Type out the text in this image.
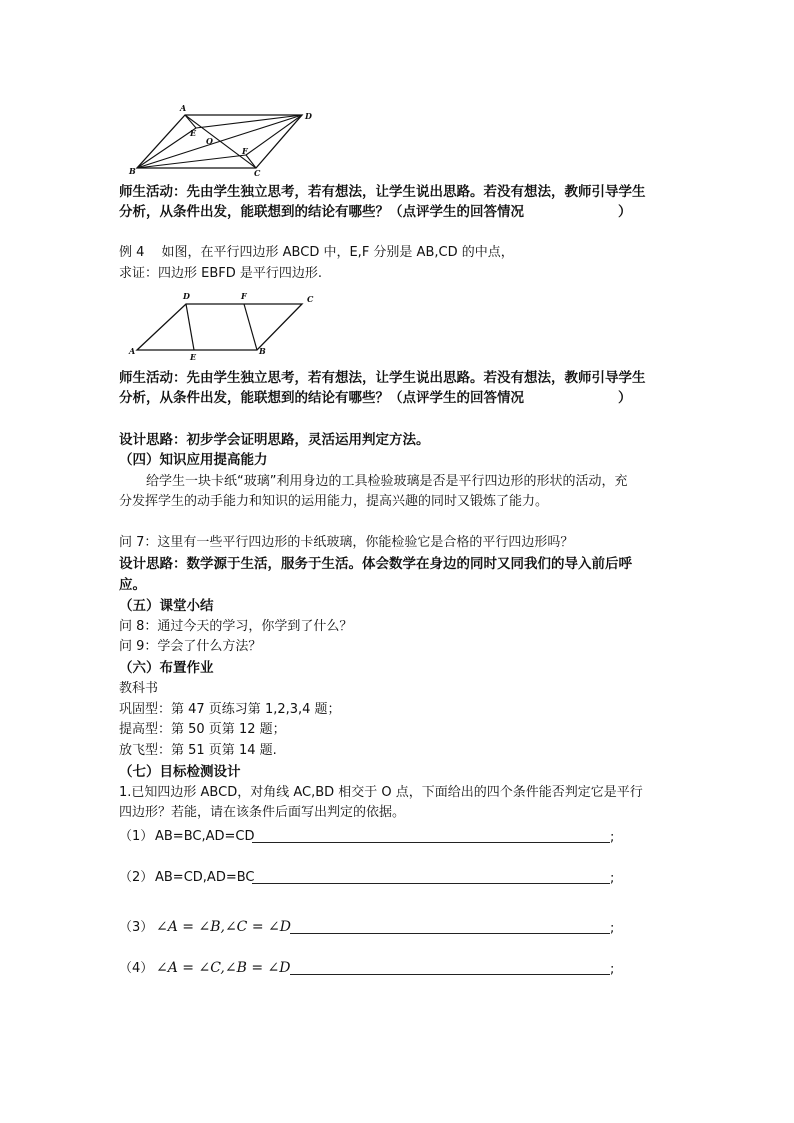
A
D
B	C
E
O
F
师生活动：先由学生独立思考，若有想法，让学生说出思路。若没有想法，教师引导学生
分析，从条件出发，能联想到的结论有哪些？（点评学生的回答情况	）
例 4　 如图，在平行四边形 ABCD 中，E,F 分别是 AB,CD 的中点，
求证：四边形 EBFD 是平行四边形.
D	F	C
A
E
B
师生活动：先由学生独立思考，若有想法，让学生说出思路。若没有想法，教师引导学生
分析，从条件出发，能联想到的结论有哪些？（点评学生的回答情况	）
设计思路：初步学会证明思路，灵活运用判定方法。
（四）知识应用提高能力
给学生一块卡纸“玻璃”利用身边的工具检验玻璃是否是平行四边形的形状的活动，充
分发挥学生的动手能力和知识的运用能力，提高兴趣的同时又锻炼了能力。
问 7：这里有一些平行四边形的卡纸玻璃，你能检验它是合格的平行四边形吗？
设计思路：数学源于生活，服务于生活。体会数学在身边的同时又同我们的导入前后呼
应。
（五）课堂小结
问 8：通过今天的学习，你学到了什么？
问 9：学会了什么方法？
（六）布置作业
教科书
巩固型：第 47 页练习第 1,2,3,4 题；
提高型：第 50 页第 12 题；
放飞型：第 51 页第 14 题.
（七）目标检测设计
1.已知四边形 ABCD，对角线 AC,BD 相交于 O 点，下面给出的四个条件能否判定它是平行
四边形？若能，请在该条件后面写出判定的依据。
（1） AB=BC,AD=CD	;
（2） AB=CD,AD=BC	;
（3） ∠A = ∠B,∠C = ∠D	;
（4） ∠A = ∠C,∠B = ∠D	;
